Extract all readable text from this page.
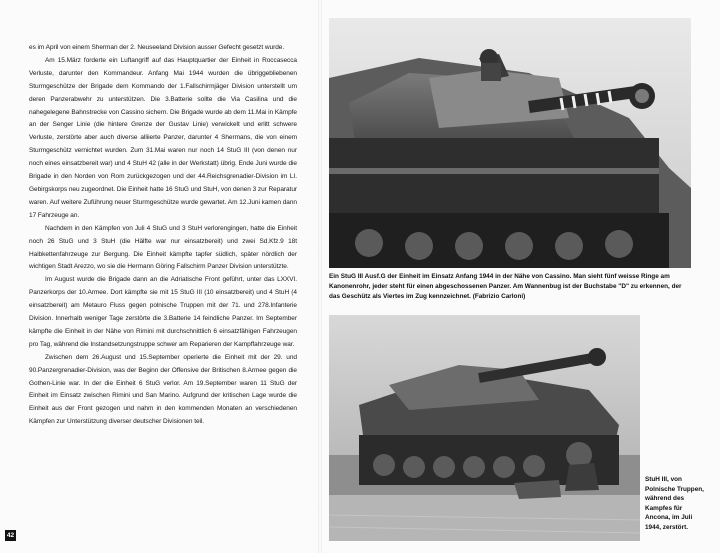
es im April von einem Sherman der 2. Neuseeland Division ausser Gefecht gesetzt wurde.

Am 15.März forderte ein Luftangriff auf das Hauptquartier der Einheit in Roccasecca Verluste, darunter den Kommandeur. Anfang Mai 1944 wurden die übriggebliebenen Sturmgeschütze der Brigade dem Kommando der 1.Fallschirmjäger Division unterstellt um deren Panzerabwehr zu unterstützen. Die 3.Batterie sollte die Via Casilina und die nahegelegene Bahnstrecke von Cassino sichern. Die Brigade wurde ab dem 11.Mai in Kämpfe an der Senger Linie (die hintere Grenze der Gustav Linie) verwickelt und erlitt schwere Verluste, zerstörte aber auch diverse alliierte Panzer, darunter 4 Shermans, die von einem Sturmgeschütz vernichtet wurden. Zum 31.Mai waren nur noch 14 StuG III (von denen nur noch eines einsatzbereit war) und 4 StuH 42 (alle in der Werkstatt) übrig. Ende Juni wurde die Brigade in den Norden von Rom zurückgezogen und der 44.Reichsgrenadier-Division im LI. Gebirgskorps neu zugeordnet. Die Einheit hatte 16 StuG und StuH, von denen 3 zur Reparatur waren. Auf weitere Zuführung neuer Sturmgeschütze wurde gewartet. Am 12.Juni kamen dann 17 Fahrzeuge an.

Nachdem in den Kämpfen von Juli 4 StuG und 3 StuH verlorengingen, hatte die Einheit noch 26 StuG und 3 StuH (die Hälfte war nur einsatzbereit) und zwei Sd.Kfz.9 18t Halbkettenfahrzeuge zur Bergung. Die Einheit kämpfte tapfer südlich, später nördlich der wichtigen Stadt Arezzo, wo sie die Hermann Göring Fallschirm Panzer Division unterstützte.

Im August wurde die Brigade dann an die Adriatische Front geführt, unter das LXXVI. Panzerkorps der 10.Armee. Dort kämpfte sie mit 15 StuG III (10 einsatzbereit) und 4 StuH (4 einsatzbereit) am Metauro Fluss gegen polnische Truppen mit der 71. und 278.Infanterie Division. Innerhalb weniger Tage zerstörte die 3.Batterie 14 feindliche Panzer. Im September kämpfte die Einheit in der Nähe von Rimini mit durchschnittlich 6 einsatzfähigen Fahrzeugen pro Tag, während die Instandsetzungstruppe schwer am Reparieren der Kampffahrzeuge war.

Zwischen dem 26.August und 15.September operierte die Einheit mit der 29. und 90.Panzergrenadier-Division, was der Beginn der Offensive der Britischen 8.Armee gegen die Gothen-Linie war. In der die Einheit 6 StuG verlor. Am 19.September waren 11 StuG der Einheit im Einsatz zwischen Rimini und San Marino. Aufgrund der kritischen Lage wurde die Einheit aus der Front gezogen und nahm in den kommenden Monaten an verschiedenen Kämpfen zur Unterstützung diverser deutscher Divisionen teil.

42
Ein StuG III Ausf.G der Einheit im Einsatz Anfang 1944 in der Nähe von Cassino. Man sieht fünf weisse Ringe am Kanonenrohr, jeder steht für einen abgeschossenen Panzer. Am Wannenbug ist der Buchstabe "D" zu erkennen, der das Geschütz als Viertes im Zug kennzeichnet. (Fabrizio Carloni)
StuH III, von Polnische Truppen, während des Kampfes für Ancona, im Juli 1944, zerstört.
